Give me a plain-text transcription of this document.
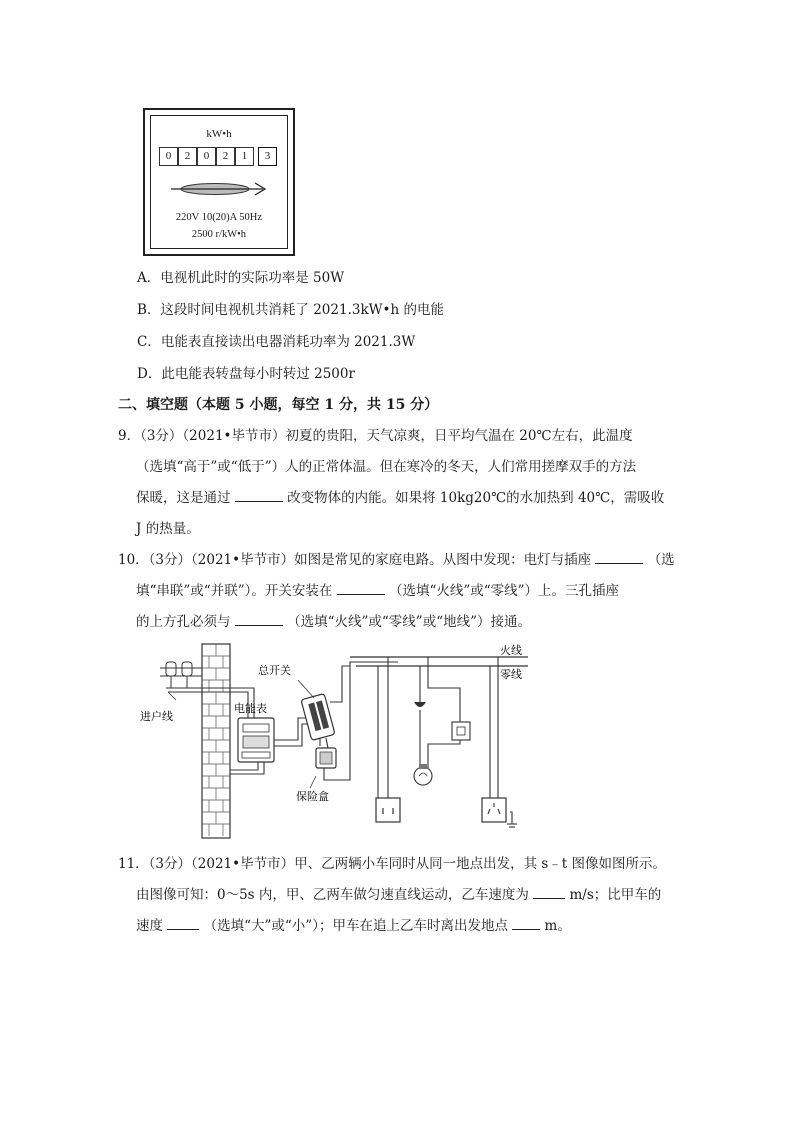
kW•h
0	2	0	2	1	3
220V 10(20)A 50Hz
2500 r/kW•h
A．电视机此时的实际功率是 50W
B．这段时间电视机共消耗了 2021.3kW•h 的电能
C．电能表直接读出电器消耗功率为 2021.3W
D．此电能表转盘每小时转过 2500r
二、填空题（本题 5 小题，每空 1 分，共 15 分）
9．（3分）（2021•毕节市）初夏的贵阳，天气凉爽，日平均气温在 20℃左右，此温度
（选填“高于”或“低于”）人的正常体温。但在寒冷的冬天，人们常用搓摩双手的方法
保暖，这是通过	改变物体的内能。如果将 10kg20℃的水加热到 40℃，需吸收
J 的热量。
10．（3分）（2021•毕节市）如图是常见的家庭电路。从图中发现：电灯与插座	（选
填“串联”或“并联”）。开关安装在	（选填“火线”或“零线”）上。三孔插座
的上方孔必须与	（选填“火线”或“零线”或“地线”）接通。
火线
零线
总开关
电能表
进户线
保险盒
11．（3分）（2021•毕节市）甲、乙两辆小车同时从同一地点出发，其 s﹣t 图像如图所示。
由图像可知：0～5s 内，甲、乙两车做匀速直线运动，乙车速度为	m/s；比甲车的
速度	（选填“大”或“小”）；甲车在追上乙车时离出发地点	m。
